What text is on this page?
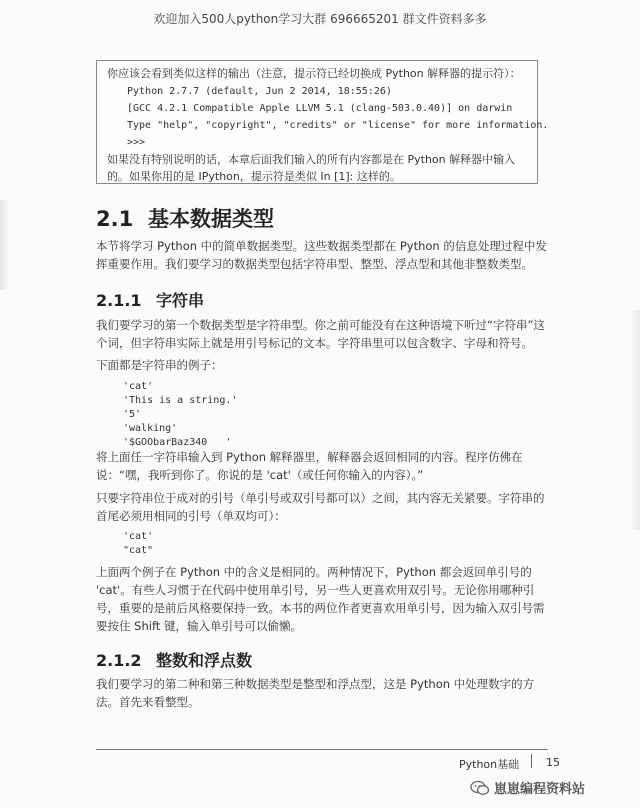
欢迎加入500人python学习大群 696665201 群文件资料多多
你应该会看到类似这样的输出（注意，提示符已经切换成 Python 解释器的提示符）：
Python 2.7.7 (default, Jun 2 2014, 18:55:26)
[GCC 4.2.1 Compatible Apple LLVM 5.1 (clang-503.0.40)] on darwin
Type "help", "copyright", "credits" or "license" for more information.
>>>
如果没有特别说明的话，本章后面我们输入的所有内容都是在 Python 解释器中输入的。如果你用的是 IPython，提示符是类似 In [1]: 这样的。
2.1 基本数据类型
本节将学习 Python 中的简单数据类型。这些数据类型都在 Python 的信息处理过程中发挥重要作用。我们要学习的数据类型包括字符串型、整型、浮点型和其他非整数类型。
2.1.1 字符串
我们要学习的第一个数据类型是字符串型。你之前可能没有在这种语境下听过“字符串”这个词，但字符串实际上就是用引号标记的文本。字符串里可以包含数字、字母和符号。
下面都是字符串的例子：
'cat'
'This is a string.'
'5'
'walking'
'$GOObarBaz340   '
将上面任一字符串输入到 Python 解释器里，解释器会返回相同的内容。程序仿佛在说：“嘿，我听到你了。你说的是 'cat'（或任何你输入的内容）。”
只要字符串位于成对的引号（单引号或双引号都可以）之间，其内容无关紧要。字符串的首尾必须用相同的引号（单双均可）：
'cat'
"cat"
上面两个例子在 Python 中的含义是相同的。两种情况下，Python 都会返回单引号的 'cat'。有些人习惯于在代码中使用单引号，另一些人更喜欢用双引号。无论你用哪种引号，重要的是前后风格要保持一致。本书的两位作者更喜欢用单引号，因为输入双引号需要按住 Shift 键，输入单引号可以偷懒。
2.1.2 整数和浮点数
我们要学习的第二种和第三种数据类型是整型和浮点型，这是 Python 中处理数字的方法。首先来看整型。
Python基础 15
崽崽编程资料站
